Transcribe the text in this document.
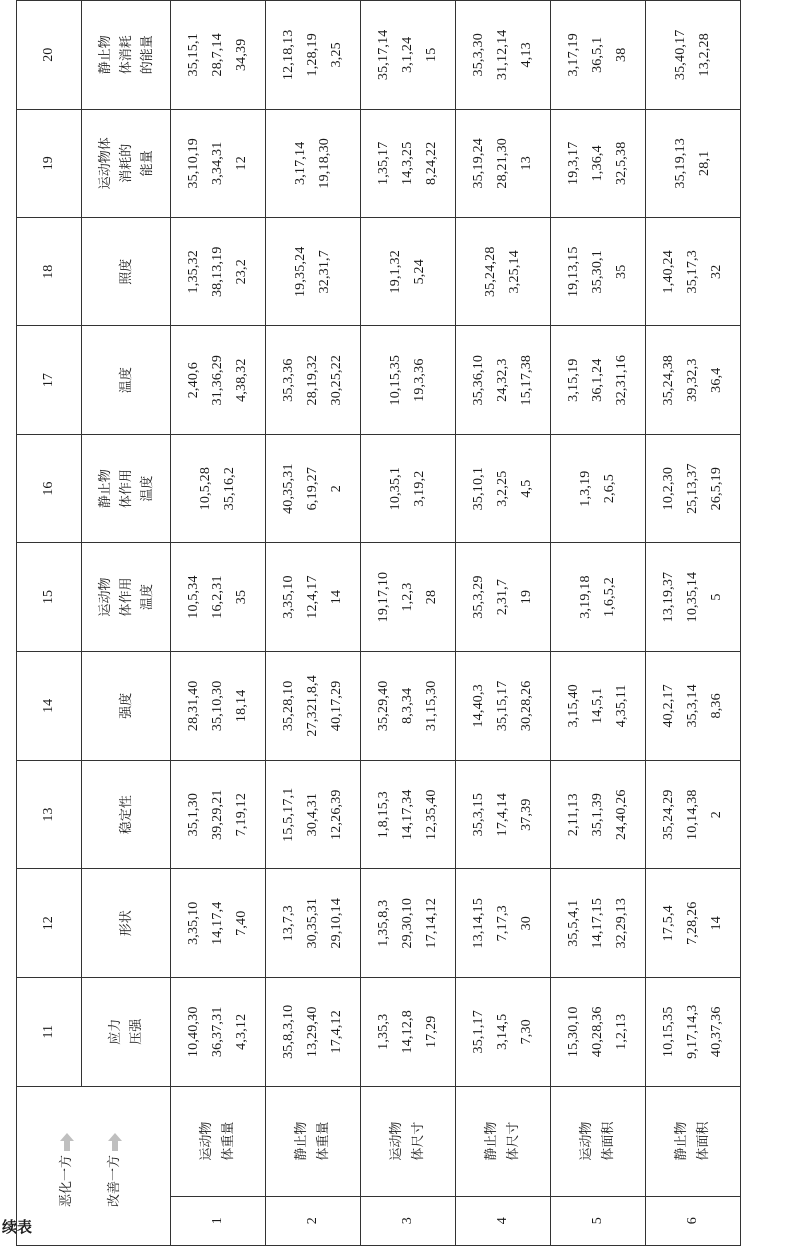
续表
恶化一方 改善一方		11	12	13	14	15	16	17	18	19	20

		应力 压强	形状	稳定性	强度	运动物 体作用 温度	静止物 体作用 温度	温度	照度	运动物体 消耗的 能量	静止物 体消耗 的能量

1	运动物 体重量	10,40,30 36,37,31 4,3,12	3,35,10 14,17,4 7,40	35,1,30 39,29,21 7,19,12	28,31,40 35,10,30 18,14	10,5,34 16,2,31 35	10,5,28 35,16,2	2,40,6 31,36,29 4,38,32	1,35,32 38,13,19 23,2	35,10,19 3,34,31 12	35,15,1 28,7,14 34,39

2	静止物 体重量	35,8,3,10 13,29,40 17,4,12	13,7,3 30,35,31 29,10,14	15,5,17,1 30,4,31 12,26,39	35,28,10 27,321,8,4 40,17,29	3,35,10 12,4,17 14	40,35,31 6,19,27 2	35,3,36 28,19,32 30,25,22	19,35,24 32,31,7	3,17,14 19,18,30	12,18,13 1,28,19 3,25

3	运动物 体尺寸	1,35,3 14,12,8 17,29	1,35,8,3 29,30,10 17,14,12	1,8,15,3 14,17,34 12,35,40	35,29,40 8,3,34 31,15,30	19,17,10 1,2,3 28	10,35,1 3,19,2	10,15,35 19,3,36	19,1,32 5,24	1,35,17 14,3,25 8,24,22	35,17,14 3,1,24 15

4	静止物 体尺寸	35,1,17 3,14,5 7,30	13,14,15 7,17,3 30	35,3,15 17,4,14 37,39	14,40,3 35,15,17 30,28,26	35,3,29 2,31,7 19	35,10,1 3,2,25 4,5	35,36,10 24,32,3 15,17,38	35,24,28 3,25,14	35,19,24 28,21,30 13	35,3,30 31,12,14 4,13

5	运动物 体面积	15,30,10 40,28,36 1,2,13	35,5,4,1 14,17,15 32,29,13	2,11,13 35,1,39 24,40,26	3,15,40 14,5,1 4,35,11	3,19,18 1,6,5,2	1,3,19 2,6,5	3,15,19 36,1,24 32,31,16	19,13,15 35,30,1 35	19,3,17 1,36,4 32,5,38	3,17,19 36,5,1 38

6	静止物 体面积	10,15,35 9,17,14,3 40,37,36	17,5,4 7,28,26 14	35,24,29 10,14,38 2	40,2,17 35,3,14 8,36	13,19,37 10,35,14 5	10,2,30 25,13,37 26,5,19	35,24,38 39,32,3 36,4	1,40,24 35,17,3 32	35,19,13 28,1	35,40,17 13,2,28
